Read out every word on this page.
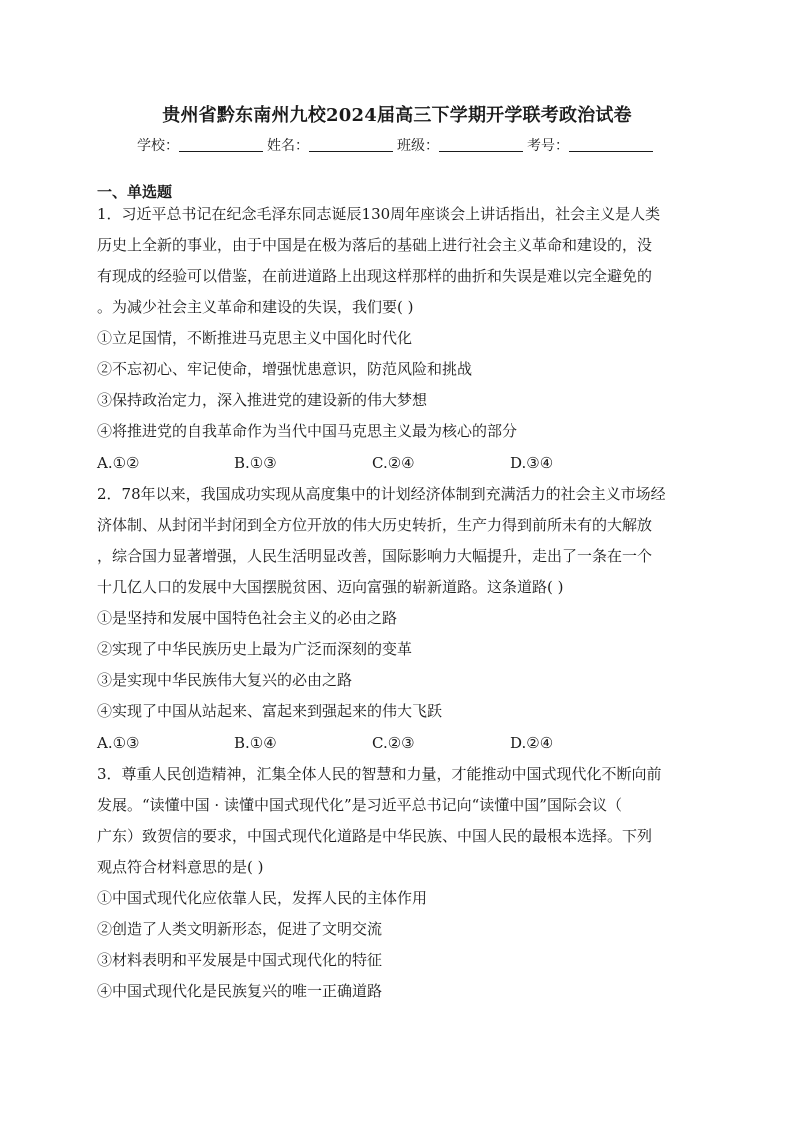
贵州省黔东南州九校2024届高三下学期开学联考政治试卷
学校：	姓名：	班级：	考号：
一、单选题
1．习近平总书记在纪念毛泽东同志诞辰130周年座谈会上讲话指出，社会主义是人类
历史上全新的事业，由于中国是在极为落后的基础上进行社会主义革命和建设的，没
有现成的经验可以借鉴，在前进道路上出现这样那样的曲折和失误是难以完全避免的
。为减少社会主义革命和建设的失误，我们要( )
①立足国情，不断推进马克思主义中国化时代化
②不忘初心、牢记使命，增强忧患意识，防范风险和挑战
③保持政治定力，深入推进党的建设新的伟大梦想
④将推进党的自我革命作为当代中国马克思主义最为核心的部分
A.①②	B.①③	C.②④	D.③④
2．78年以来，我国成功实现从高度集中的计划经济体制到充满活力的社会主义市场经
济体制、从封闭半封闭到全方位开放的伟大历史转折，生产力得到前所未有的大解放
，综合国力显著增强，人民生活明显改善，国际影响力大幅提升，走出了一条在一个
十几亿人口的发展中大国摆脱贫困、迈向富强的崭新道路。这条道路( )
①是坚持和发展中国特色社会主义的必由之路
②实现了中华民族历史上最为广泛而深刻的变革
③是实现中华民族伟大复兴的必由之路
④实现了中国从站起来、富起来到强起来的伟大飞跃
A.①③	B.①④	C.②③	D.②④
3．尊重人民创造精神，汇集全体人民的智慧和力量，才能推动中国式现代化不断向前
发展。“读懂中国 · 读懂中国式现代化”是习近平总书记向“读懂中国”国际会议（
广东）致贺信的要求，中国式现代化道路是中华民族、中国人民的最根本选择。下列
观点符合材料意思的是( )
①中国式现代化应依靠人民，发挥人民的主体作用
②创造了人类文明新形态，促进了文明交流
③材料表明和平发展是中国式现代化的特征
④中国式现代化是民族复兴的唯一正确道路
